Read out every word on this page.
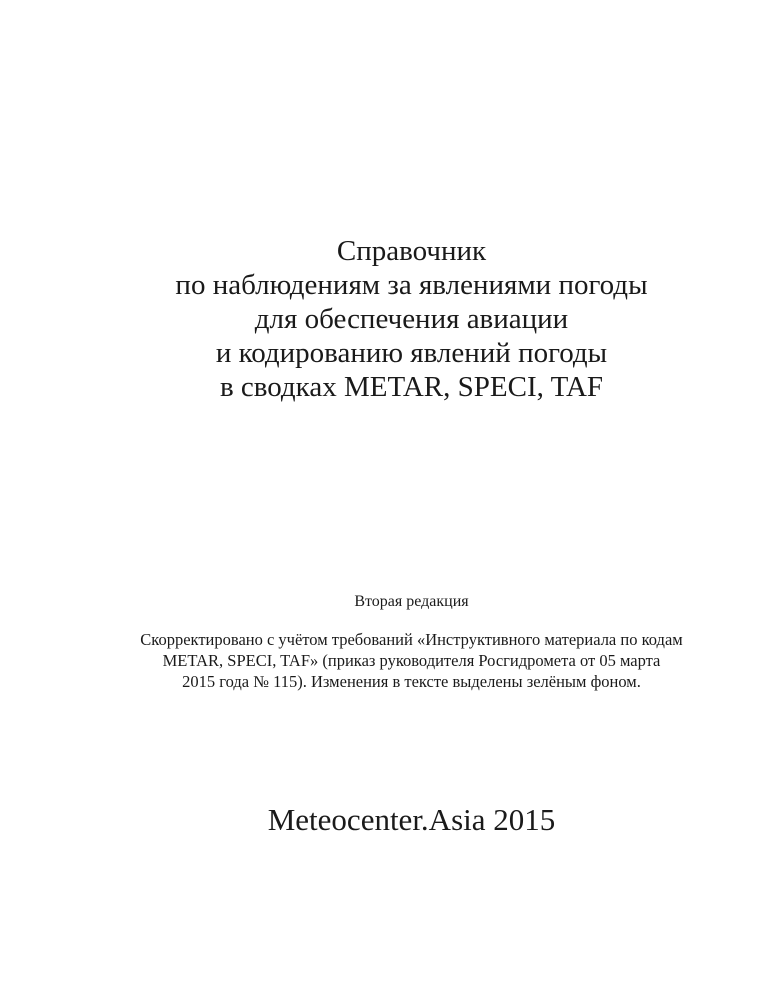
Справочник
по наблюдениям за явлениями погоды
для обеспечения авиации
и кодированию явлений погоды
в сводках METAR, SPECI, TAF
Вторая редакция
Скорректировано с учётом требований «Инструктивного материала по кодам
METAR, SPECI, TAF» (приказ руководителя Росгидромета от 05 марта
2015 года № 115). Изменения в тексте выделены зелёным фоном.
Meteocenter.Asia 2015
